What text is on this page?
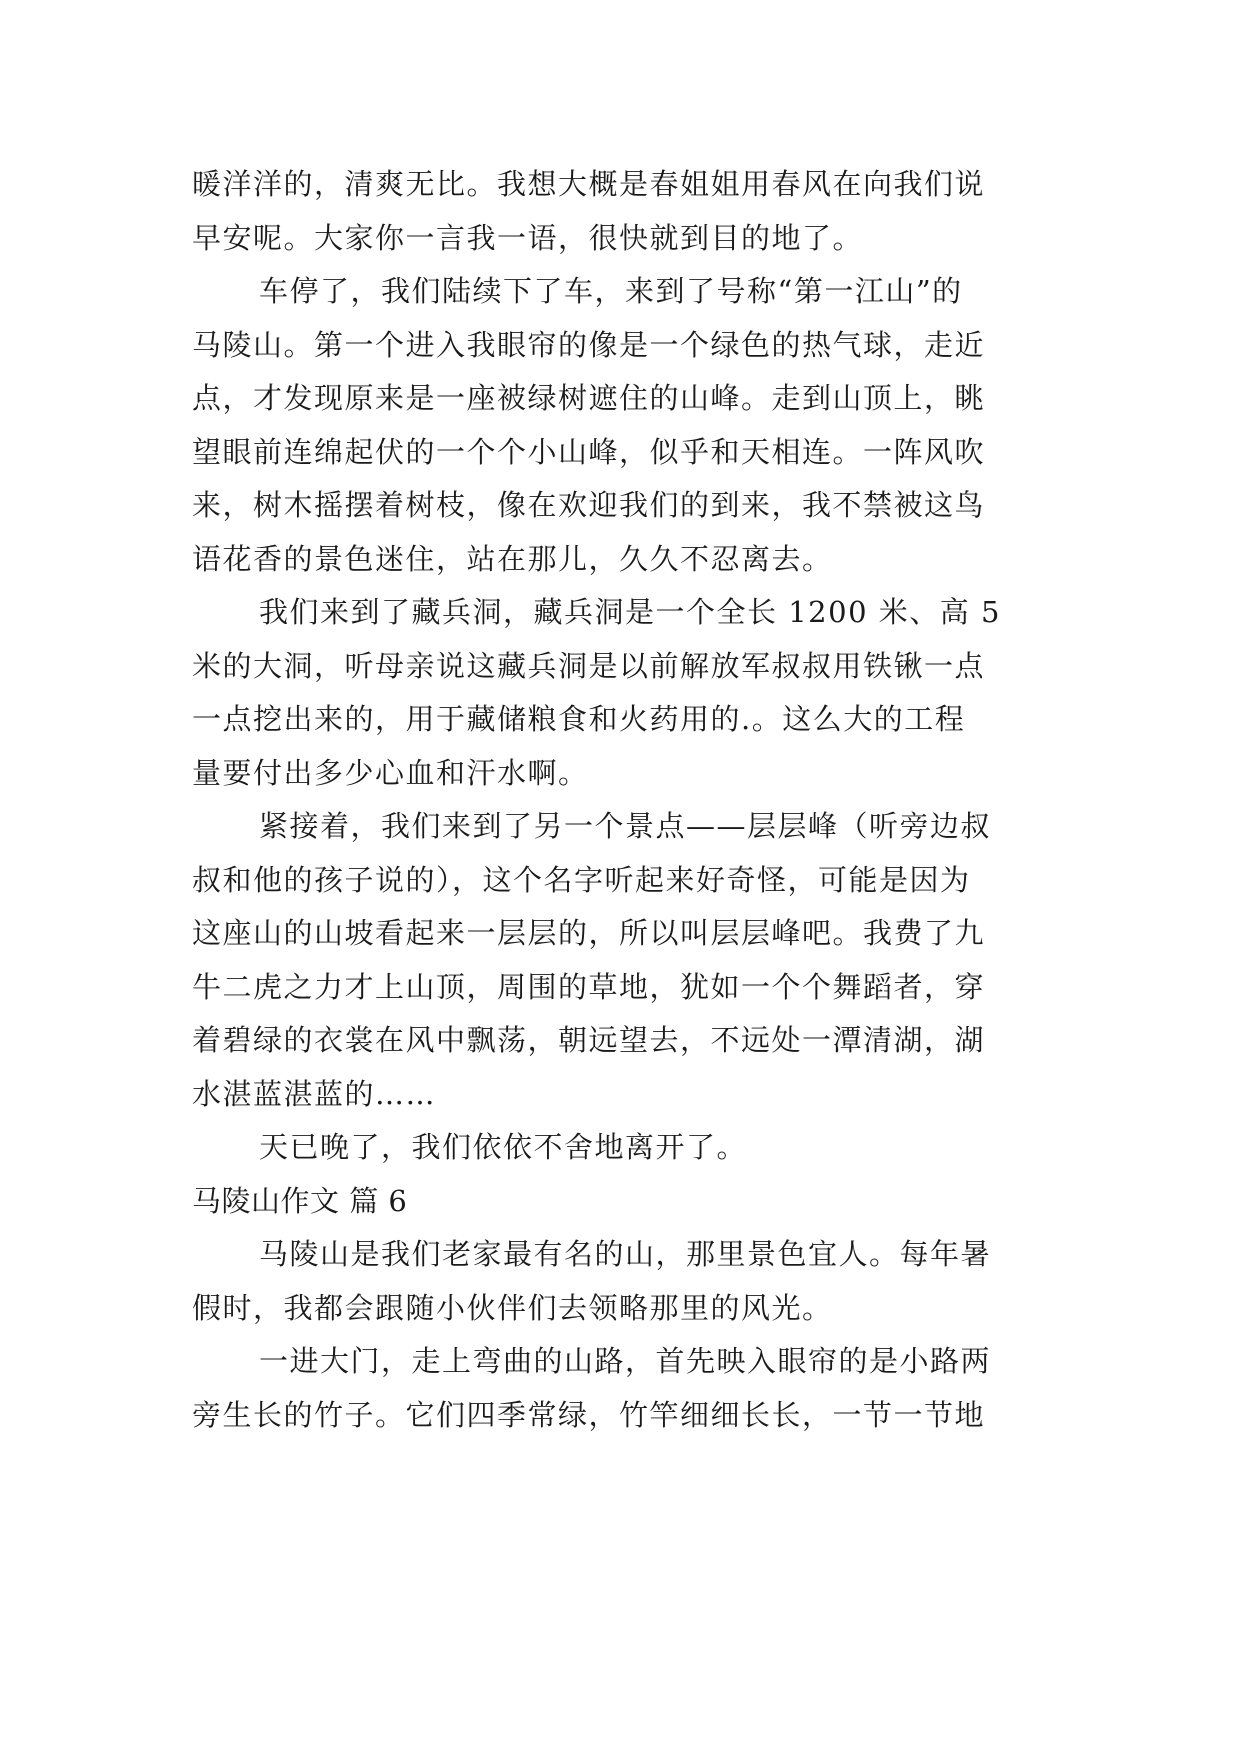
暖洋洋的，清爽无比。我想大概是春姐姐用春风在向我们说
早安呢。大家你一言我一语，很快就到目的地了。
车停了，我们陆续下了车，来到了号称“第一江山”的
马陵山。第一个进入我眼帘的像是一个绿色的热气球，走近
点，才发现原来是一座被绿树遮住的山峰。走到山顶上，眺
望眼前连绵起伏的一个个小山峰，似乎和天相连。一阵风吹
来，树木摇摆着树枝，像在欢迎我们的到来，我不禁被这鸟
语花香的景色迷住，站在那儿，久久不忍离去。
我们来到了藏兵洞，藏兵洞是一个全长 1200 米、高 5
米的大洞，听母亲说这藏兵洞是以前解放军叔叔用铁锹一点
一点挖出来的，用于藏储粮食和火药用的.。这么大的工程
量要付出多少心血和汗水啊。
紧接着，我们来到了另一个景点——层层峰（听旁边叔
叔和他的孩子说的），这个名字听起来好奇怪，可能是因为
这座山的山坡看起来一层层的，所以叫层层峰吧。我费了九
牛二虎之力才上山顶，周围的草地，犹如一个个舞蹈者，穿
着碧绿的衣裳在风中飘荡，朝远望去，不远处一潭清湖，湖
水湛蓝湛蓝的……
天已晚了，我们依依不舍地离开了。
马陵山作文 篇 6
马陵山是我们老家最有名的山，那里景色宜人。每年暑
假时，我都会跟随小伙伴们去领略那里的风光。
一进大门，走上弯曲的山路，首先映入眼帘的是小路两
旁生长的竹子。它们四季常绿，竹竿细细长长，一节一节地
